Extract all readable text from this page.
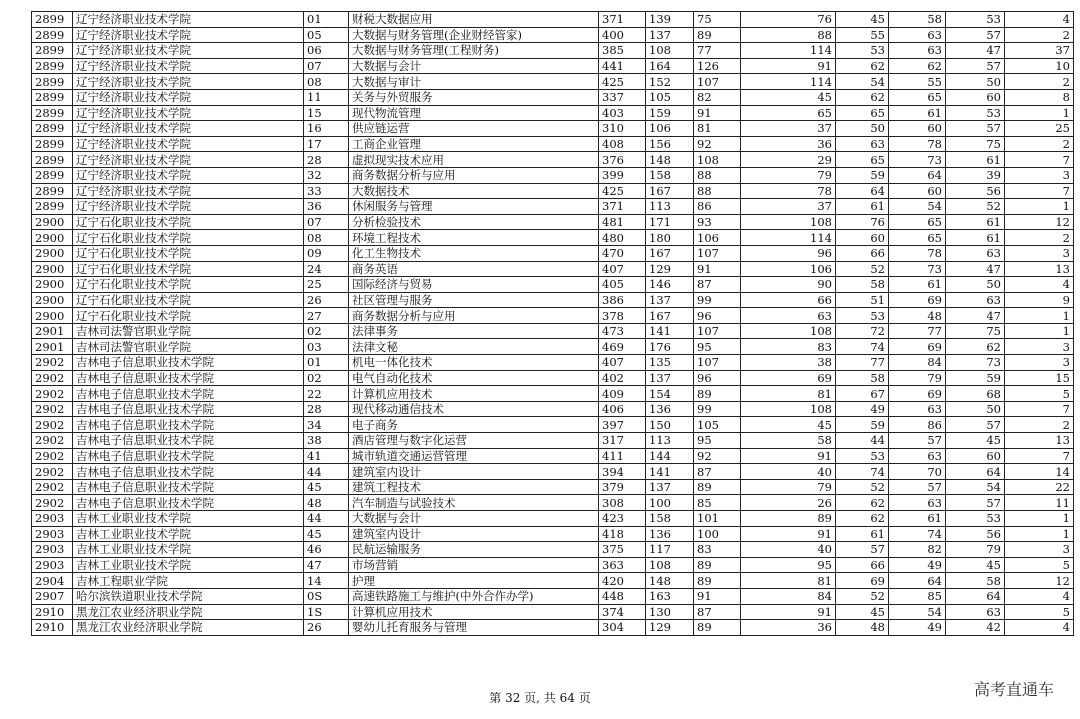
2899	辽宁经济职业技术学院	01	财税大数据应用	371	139	75	76	45	58	53	4
2899	辽宁经济职业技术学院	05	大数据与财务管理(企业财经管家)	400	137	89	88	55	63	57	2
2899	辽宁经济职业技术学院	06	大数据与财务管理(工程财务)	385	108	77	114	53	63	47	37
2899	辽宁经济职业技术学院	07	大数据与会计	441	164	126	91	62	62	57	10
2899	辽宁经济职业技术学院	08	大数据与审计	425	152	107	114	54	55	50	2
2899	辽宁经济职业技术学院	11	关务与外贸服务	337	105	82	45	62	65	60	8
2899	辽宁经济职业技术学院	15	现代物流管理	403	159	91	65	65	61	53	1
2899	辽宁经济职业技术学院	16	供应链运营	310	106	81	37	50	60	57	25
2899	辽宁经济职业技术学院	17	工商企业管理	408	156	92	36	63	78	75	2
2899	辽宁经济职业技术学院	28	虚拟现实技术应用	376	148	108	29	65	73	61	7
2899	辽宁经济职业技术学院	32	商务数据分析与应用	399	158	88	79	59	64	39	3
2899	辽宁经济职业技术学院	33	大数据技术	425	167	88	78	64	60	56	7
2899	辽宁经济职业技术学院	36	休闲服务与管理	371	113	86	37	61	54	52	1
2900	辽宁石化职业技术学院	07	分析检验技术	481	171	93	108	76	65	61	12
2900	辽宁石化职业技术学院	08	环境工程技术	480	180	106	114	60	65	61	2
2900	辽宁石化职业技术学院	09	化工生物技术	470	167	107	96	66	78	63	3
2900	辽宁石化职业技术学院	24	商务英语	407	129	91	106	52	73	47	13
2900	辽宁石化职业技术学院	25	国际经济与贸易	405	146	87	90	58	61	50	4
2900	辽宁石化职业技术学院	26	社区管理与服务	386	137	99	66	51	69	63	9
2900	辽宁石化职业技术学院	27	商务数据分析与应用	378	167	96	63	53	48	47	1
2901	吉林司法警官职业学院	02	法律事务	473	141	107	108	72	77	75	1
2901	吉林司法警官职业学院	03	法律文秘	469	176	95	83	74	69	62	3
2902	吉林电子信息职业技术学院	01	机电一体化技术	407	135	107	38	77	84	73	3
2902	吉林电子信息职业技术学院	02	电气自动化技术	402	137	96	69	58	79	59	15
2902	吉林电子信息职业技术学院	22	计算机应用技术	409	154	89	81	67	69	68	5
2902	吉林电子信息职业技术学院	28	现代移动通信技术	406	136	99	108	49	63	50	7
2902	吉林电子信息职业技术学院	34	电子商务	397	150	105	45	59	86	57	2
2902	吉林电子信息职业技术学院	38	酒店管理与数字化运营	317	113	95	58	44	57	45	13
2902	吉林电子信息职业技术学院	41	城市轨道交通运营管理	411	144	92	91	53	63	60	7
2902	吉林电子信息职业技术学院	44	建筑室内设计	394	141	87	40	74	70	64	14
2902	吉林电子信息职业技术学院	45	建筑工程技术	379	137	89	79	52	57	54	22
2902	吉林电子信息职业技术学院	48	汽车制造与试验技术	308	100	85	26	62	63	57	11
2903	吉林工业职业技术学院	44	大数据与会计	423	158	101	89	62	61	53	1
2903	吉林工业职业技术学院	45	建筑室内设计	418	136	100	91	61	74	56	1
2903	吉林工业职业技术学院	46	民航运输服务	375	117	83	40	57	82	79	3
2903	吉林工业职业技术学院	47	市场营销	363	108	89	95	66	49	45	5
2904	吉林工程职业学院	14	护理	420	148	89	81	69	64	58	12
2907	哈尔滨铁道职业技术学院	0S	高速铁路施工与维护(中外合作办学)	448	163	91	84	52	85	64	4
2910	黑龙江农业经济职业学院	1S	计算机应用技术	374	130	87	91	45	54	63	5
2910	黑龙江农业经济职业学院	26	婴幼儿托育服务与管理	304	129	89	36	48	49	42	4
第 32 页, 共 64 页	高考直通车
